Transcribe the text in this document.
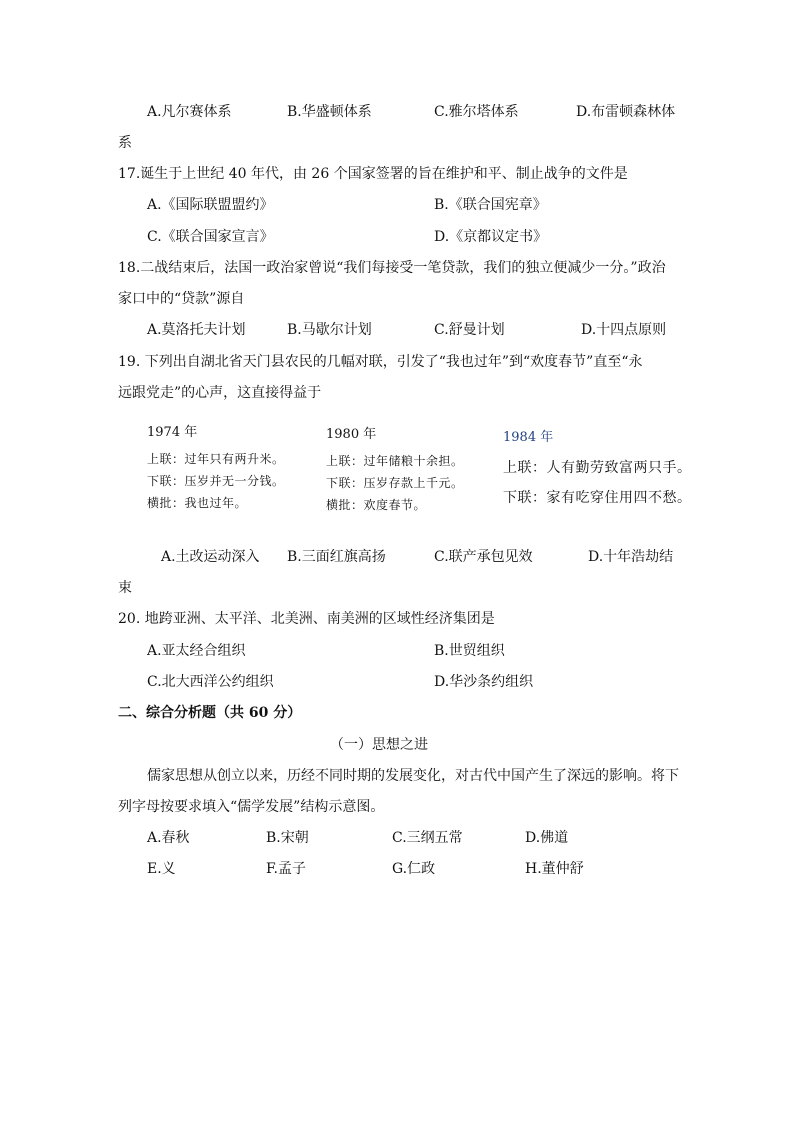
A.凡尔赛体系	B.华盛顿体系	C.雅尔塔体系	D.布雷顿森林体
系
17.诞生于上世纪 40 年代，由 26 个国家签署的旨在维护和平、制止战争的文件是
A.《国际联盟盟约》	B.《联合国宪章》
C.《联合国家宣言》	D.《京都议定书》
18.二战结束后，法国一政治家曾说“我们每接受一笔贷款，我们的独立便减少一分。”政治
家口中的“贷款”源自
A.莫洛托夫计划	B.马歇尔计划	C.舒曼计划	D.十四点原则
19. 下列出自湖北省天门县农民的几幅对联，引发了“我也过年”到“欢度春节”直至“永
远跟党走”的心声，这直接得益于
1974 年
上联：过年只有两升米。
下联：压岁并无一分钱。
横批：我也过年。
1980 年
上联：过年储粮十余担。
下联：压岁存款上千元。
横批：欢度春节。
1984 年
上联：人有勤劳致富两只手。
下联：家有吃穿住用四不愁。
A.土改运动深入 B.三面红旗高扬	C.联产承包见效	D.十年浩劫结
束
20. 地跨亚洲、太平洋、北美洲、南美洲的区域性经济集团是
A.亚太经合组织	B.世贸组织
C.北大西洋公约组织	D.华沙条约组织
二、综合分析题（共 60 分）
（一）思想之进
儒家思想从创立以来，历经不同时期的发展变化，对古代中国产生了深远的影响。将下
列字母按要求填入“儒学发展”结构示意图。
A.春秋	B.宋朝	C.三纲五常	D.佛道
E.义	F.孟子	G.仁政	H.董仲舒
